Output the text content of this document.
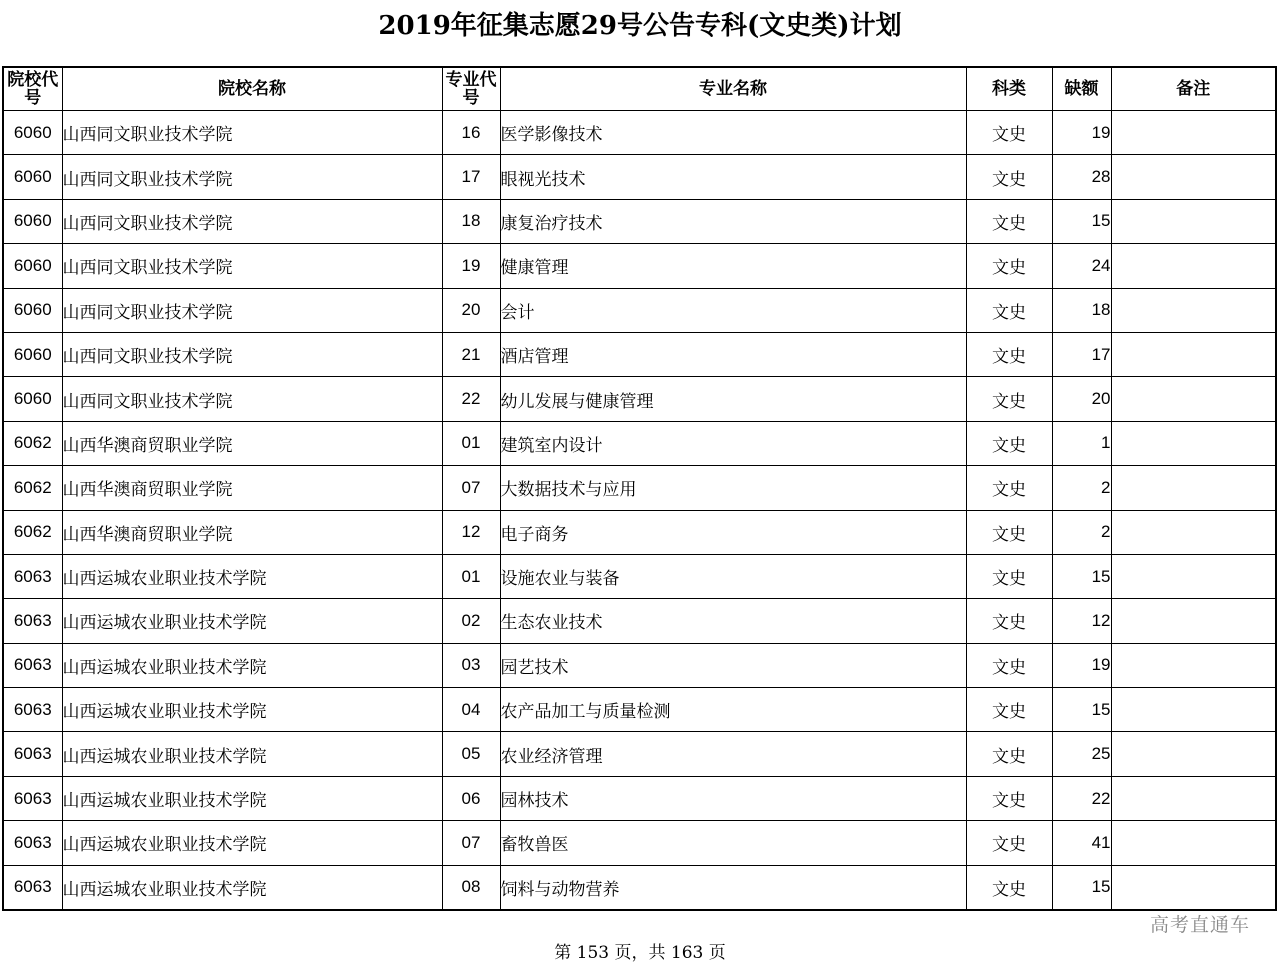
2019年征集志愿29号公告专科(文史类)计划
院校代号	院校名称	专业代号	专业名称	科类	缺额	备注
6060	山西同文职业技术学院	16	医学影像技术	文史	19	
6060	山西同文职业技术学院	17	眼视光技术	文史	28	
6060	山西同文职业技术学院	18	康复治疗技术	文史	15	
6060	山西同文职业技术学院	19	健康管理	文史	24	
6060	山西同文职业技术学院	20	会计	文史	18	
6060	山西同文职业技术学院	21	酒店管理	文史	17	
6060	山西同文职业技术学院	22	幼儿发展与健康管理	文史	20	
6062	山西华澳商贸职业学院	01	建筑室内设计	文史	1	
6062	山西华澳商贸职业学院	07	大数据技术与应用	文史	2	
6062	山西华澳商贸职业学院	12	电子商务	文史	2	
6063	山西运城农业职业技术学院	01	设施农业与装备	文史	15	
6063	山西运城农业职业技术学院	02	生态农业技术	文史	12	
6063	山西运城农业职业技术学院	03	园艺技术	文史	19	
6063	山西运城农业职业技术学院	04	农产品加工与质量检测	文史	15	
6063	山西运城农业职业技术学院	05	农业经济管理	文史	25	
6063	山西运城农业职业技术学院	06	园林技术	文史	22	
6063	山西运城农业职业技术学院	07	畜牧兽医	文史	41	
6063	山西运城农业职业技术学院	08	饲料与动物营养	文史	15	
高考直通车
第 153 页，共 163 页
